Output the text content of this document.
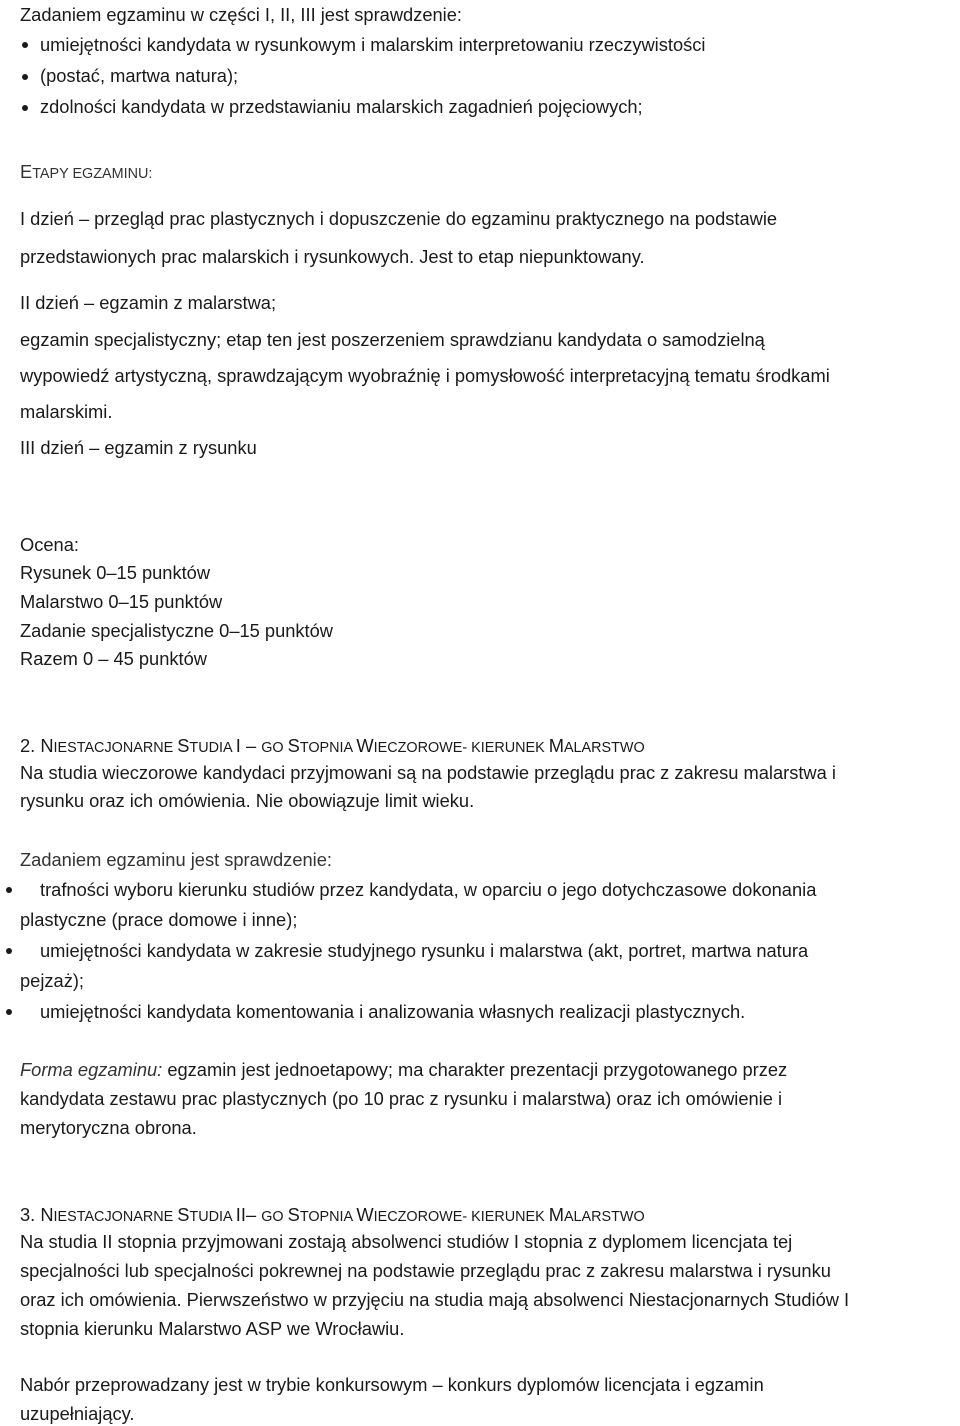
Zadaniem egzaminu w części I, II, III jest sprawdzenie:
umiejętności kandydata w rysunkowym i malarskim interpretowaniu rzeczywistości
(postać, martwa natura);
zdolności kandydata w przedstawianiu malarskich zagadnień pojęciowych;
ETAPY EGZAMINU:
I dzień – przegląd prac plastycznych i dopuszczenie do egzaminu praktycznego na podstawie
przedstawionych prac malarskich i rysunkowych. Jest to etap niepunktowany.
II dzień – egzamin z malarstwa;
egzamin specjalistyczny; etap ten jest poszerzeniem sprawdzianu kandydata o samodzielną
wypowiedź artystyczną, sprawdzającym wyobraźnię i pomysłowość interpretacyjną tematu środkami
malarskimi.
III dzień – egzamin z rysunku
Ocena:
Rysunek 0–15 punktów
Malarstwo 0–15 punktów
Zadanie specjalistyczne 0–15 punktów
Razem 0 – 45 punktów
2. NIESTACJONARNE STUDIA I – GO STOPNIA WIECZOROWE- KIERUNEK MALARSTWO
Na studia wieczorowe kandydaci przyjmowani są na podstawie przeglądu prac z zakresu malarstwa i
rysunku oraz ich omówienia. Nie obowiązuje limit wieku.
Zadaniem egzaminu jest sprawdzenie:
trafności wyboru kierunku studiów przez kandydata, w oparciu o jego dotychczasowe dokonania
plastyczne (prace domowe i inne);
umiejętności kandydata w zakresie studyjnego rysunku i malarstwa (akt, portret, martwa natura
pejzaż);
umiejętności kandydata komentowania i analizowania własnych realizacji plastycznych.
Forma egzaminu: egzamin jest jednoetapowy; ma charakter prezentacji przygotowanego przez
kandydata zestawu prac plastycznych (po 10 prac z rysunku i malarstwa) oraz ich omówienie i
merytoryczna obrona.
3. NIESTACJONARNE STUDIA II– GO STOPNIA WIECZOROWE- KIERUNEK MALARSTWO
Na studia II stopnia przyjmowani zostają absolwenci studiów I stopnia z dyplomem licencjata tej
specjalności lub specjalności pokrewnej na podstawie przeglądu prac z zakresu malarstwa i rysunku
oraz ich omówienia. Pierwszeństwo w przyjęciu na studia mają absolwenci Niestacjonarnych Studiów I
stopnia kierunku Malarstwo ASP we Wrocławiu.
Nabór przeprowadzany jest w trybie konkursowym – konkurs dyplomów licencjata i egzamin
uzupełniający.
